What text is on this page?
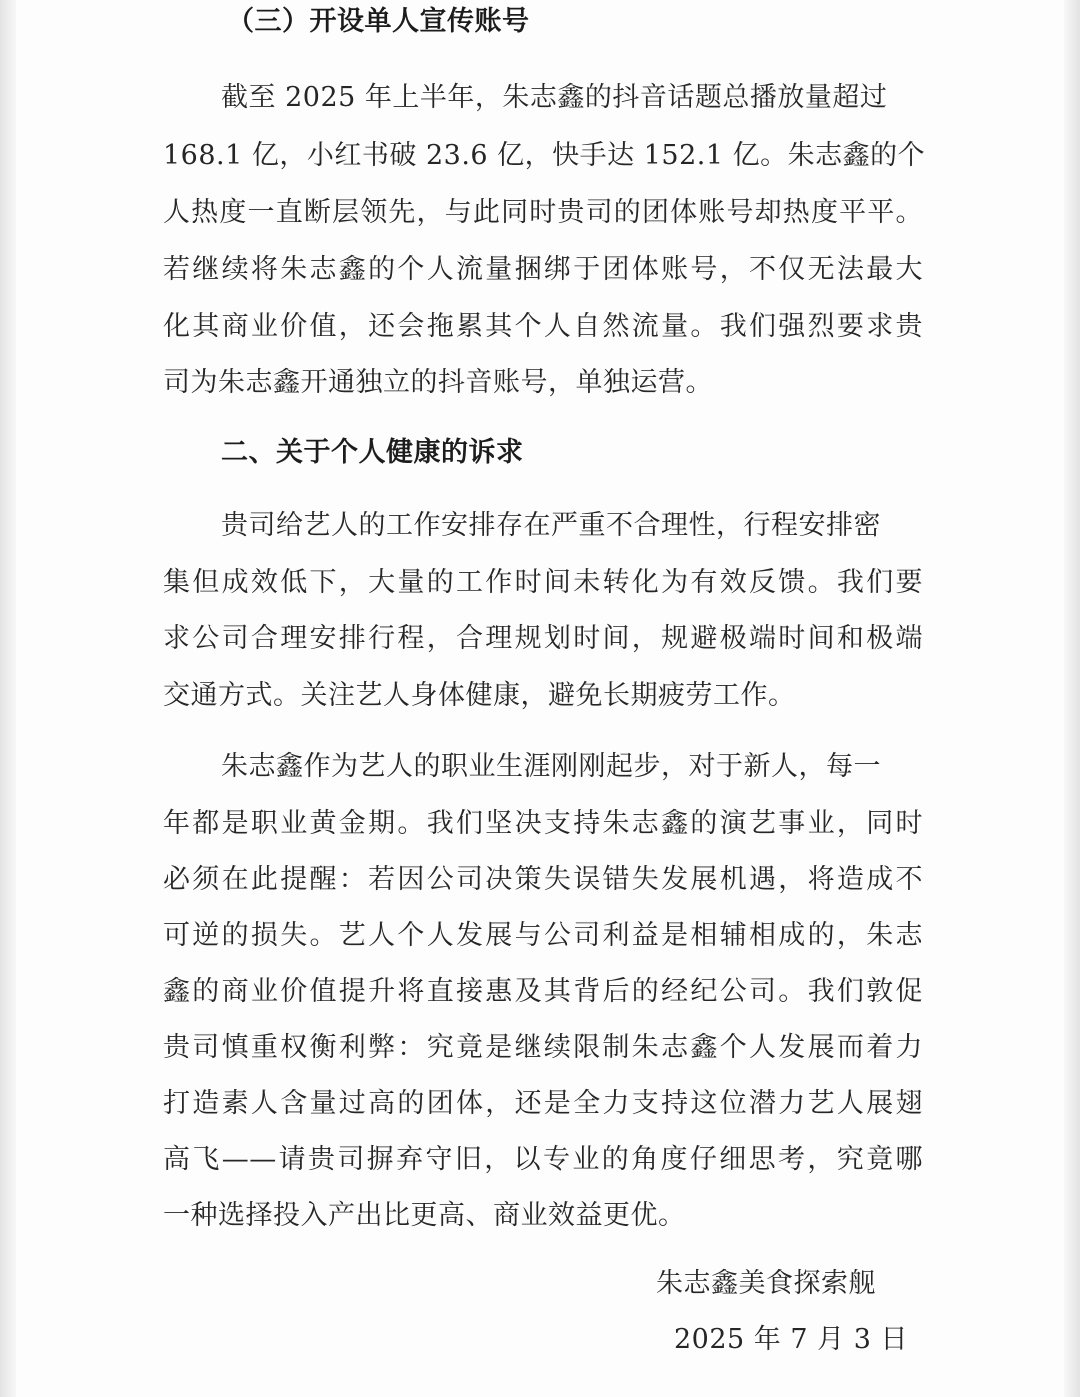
（三）开设单人宣传账号
截至 2025 年上半年，朱志鑫的抖音话题总播放量超过
168.1 亿，小红书破 23.6 亿，快手达 152.1 亿。朱志鑫的个
人热度一直断层领先，与此同时贵司的团体账号却热度平平。
若继续将朱志鑫的个人流量捆绑于团体账号，不仅无法最大
化其商业价值，还会拖累其个人自然流量。我们强烈要求贵
司为朱志鑫开通独立的抖音账号，单独运营。
二、关于个人健康的诉求
贵司给艺人的工作安排存在严重不合理性，行程安排密
集但成效低下，大量的工作时间未转化为有效反馈。我们要
求公司合理安排行程，合理规划时间，规避极端时间和极端
交通方式。关注艺人身体健康，避免长期疲劳工作。
朱志鑫作为艺人的职业生涯刚刚起步，对于新人，每一
年都是职业黄金期。我们坚决支持朱志鑫的演艺事业，同时
必须在此提醒：若因公司决策失误错失发展机遇，将造成不
可逆的损失。艺人个人发展与公司利益是相辅相成的，朱志
鑫的商业价值提升将直接惠及其背后的经纪公司。我们敦促
贵司慎重权衡利弊：究竟是继续限制朱志鑫个人发展而着力
打造素人含量过高的团体，还是全力支持这位潜力艺人展翅
高飞——请贵司摒弃守旧，以专业的角度仔细思考，究竟哪
一种选择投入产出比更高、商业效益更优。
朱志鑫美食探索舰
2025 年 7 月 3 日
